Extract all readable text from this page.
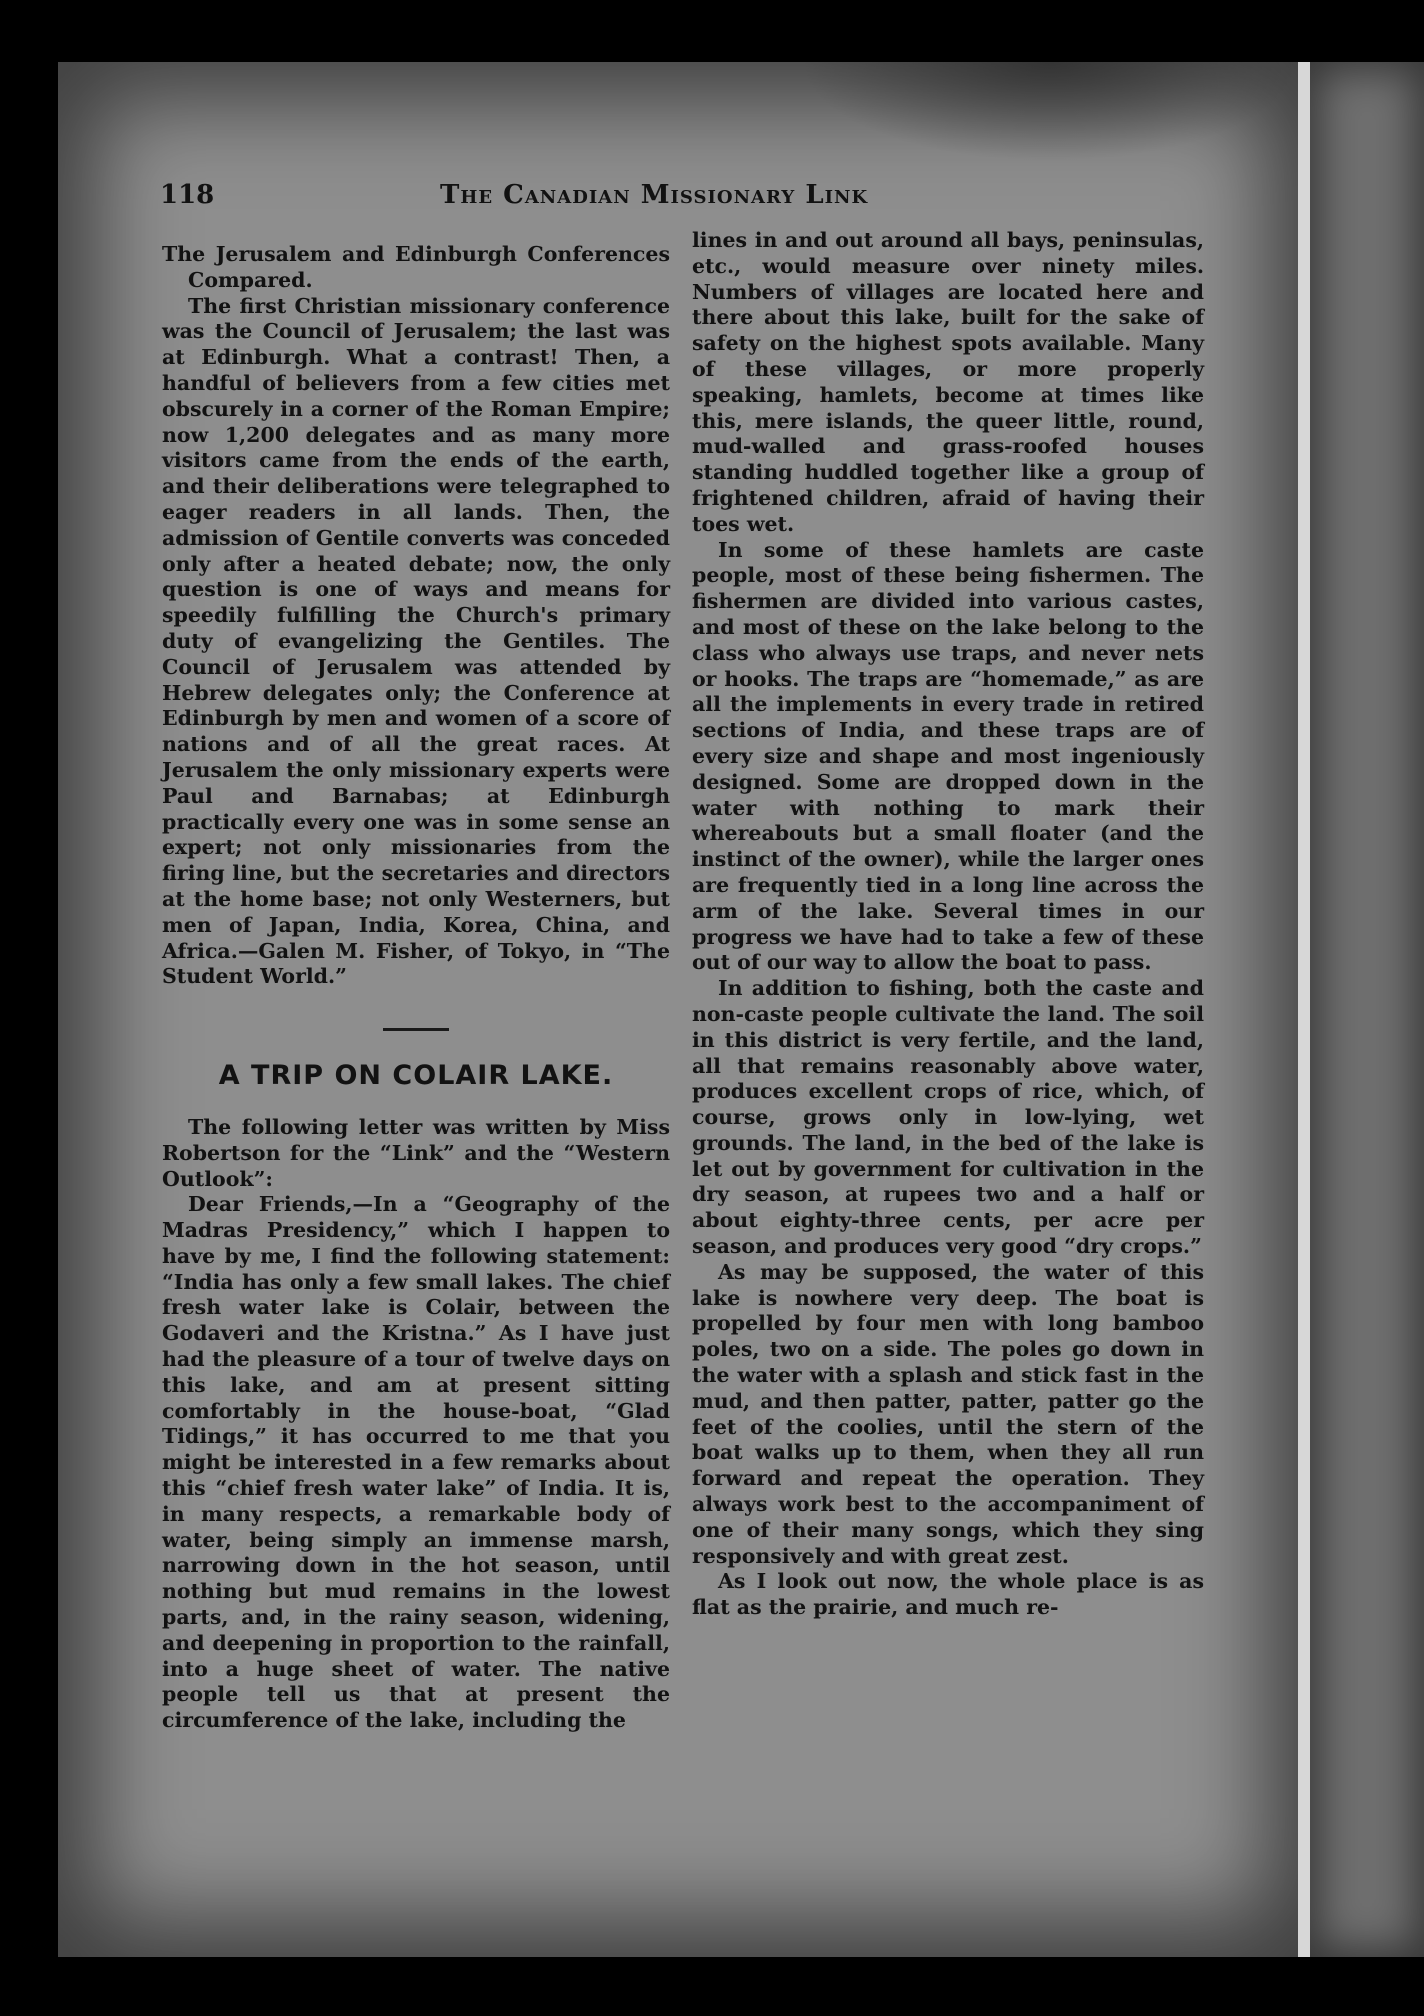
118	The Canadian Missionary Link

The Jerusalem and Edinburgh Conferences Compared.

The first Christian missionary conference was the Council of Jerusalem; the last was at Edinburgh. What a contrast! Then, a handful of believers from a few cities met obscurely in a corner of the Roman Empire; now 1,200 delegates and as many more visitors came from the ends of the earth, and their deliberations were telegraphed to eager readers in all lands. Then, the admission of Gentile converts was conceded only after a heated debate; now, the only question is one of ways and means for speedily fulfilling the Church's primary duty of evangelizing the Gentiles. The Council of Jerusalem was attended by Hebrew delegates only; the Conference at Edinburgh by men and women of a score of nations and of all the great races. At Jerusalem the only missionary experts were Paul and Barnabas; at Edinburgh practically every one was in some sense an expert; not only missionaries from the firing line, but the secretaries and directors at the home base; not only Westerners, but men of Japan, India, Korea, China, and Africa.—Galen M. Fisher, of Tokyo, in “The Student World.”

A TRIP ON COLAIR LAKE.

The following letter was written by Miss Robertson for the “Link” and the “Western Outlook”:

Dear Friends,—In a “Geography of the Madras Presidency,” which I happen to have by me, I find the following statement: “India has only a few small lakes. The chief fresh water lake is Colair, between the Godaveri and the Kristna.” As I have just had the pleasure of a tour of twelve days on this lake, and am at present sitting comfortably in the house-boat, “Glad Tidings,” it has occurred to me that you might be interested in a few remarks about this “chief fresh water lake” of India. It is, in many respects, a remarkable body of water, being simply an immense marsh, narrowing down in the hot season, until nothing but mud remains in the lowest parts, and, in the rainy season, widening, and deepening in proportion to the rainfall, into a huge sheet of water. The native people tell us that at present the circumference of the lake, including the

lines in and out around all bays, peninsulas, etc., would measure over ninety miles. Numbers of villages are located here and there about this lake, built for the sake of safety on the highest spots available. Many of these villages, or more properly speaking, hamlets, become at times like this, mere islands, the queer little, round, mud-walled and grass-roofed houses standing huddled together like a group of frightened children, afraid of having their toes wet.

In some of these hamlets are caste people, most of these being fishermen. The fishermen are divided into various castes, and most of these on the lake belong to the class who always use traps, and never nets or hooks. The traps are “homemade,” as are all the implements in every trade in retired sections of India, and these traps are of every size and shape and most ingeniously designed. Some are dropped down in the water with nothing to mark their whereabouts but a small floater (and the instinct of the owner), while the larger ones are frequently tied in a long line across the arm of the lake. Several times in our progress we have had to take a few of these out of our way to allow the boat to pass.

In addition to fishing, both the caste and non-caste people cultivate the land. The soil in this district is very fertile, and the land, all that remains reasonably above water, produces excellent crops of rice, which, of course, grows only in low-lying, wet grounds. The land, in the bed of the lake is let out by government for cultivation in the dry season, at rupees two and a half or about eighty-three cents, per acre per season, and produces very good “dry crops.”

As may be supposed, the water of this lake is nowhere very deep. The boat is propelled by four men with long bamboo poles, two on a side. The poles go down in the water with a splash and stick fast in the mud, and then patter, patter, patter go the feet of the coolies, until the stern of the boat walks up to them, when they all run forward and repeat the operation. They always work best to the accompaniment of one of their many songs, which they sing responsively and with great zest.

As I look out now, the whole place is as flat as the prairie, and much re-
